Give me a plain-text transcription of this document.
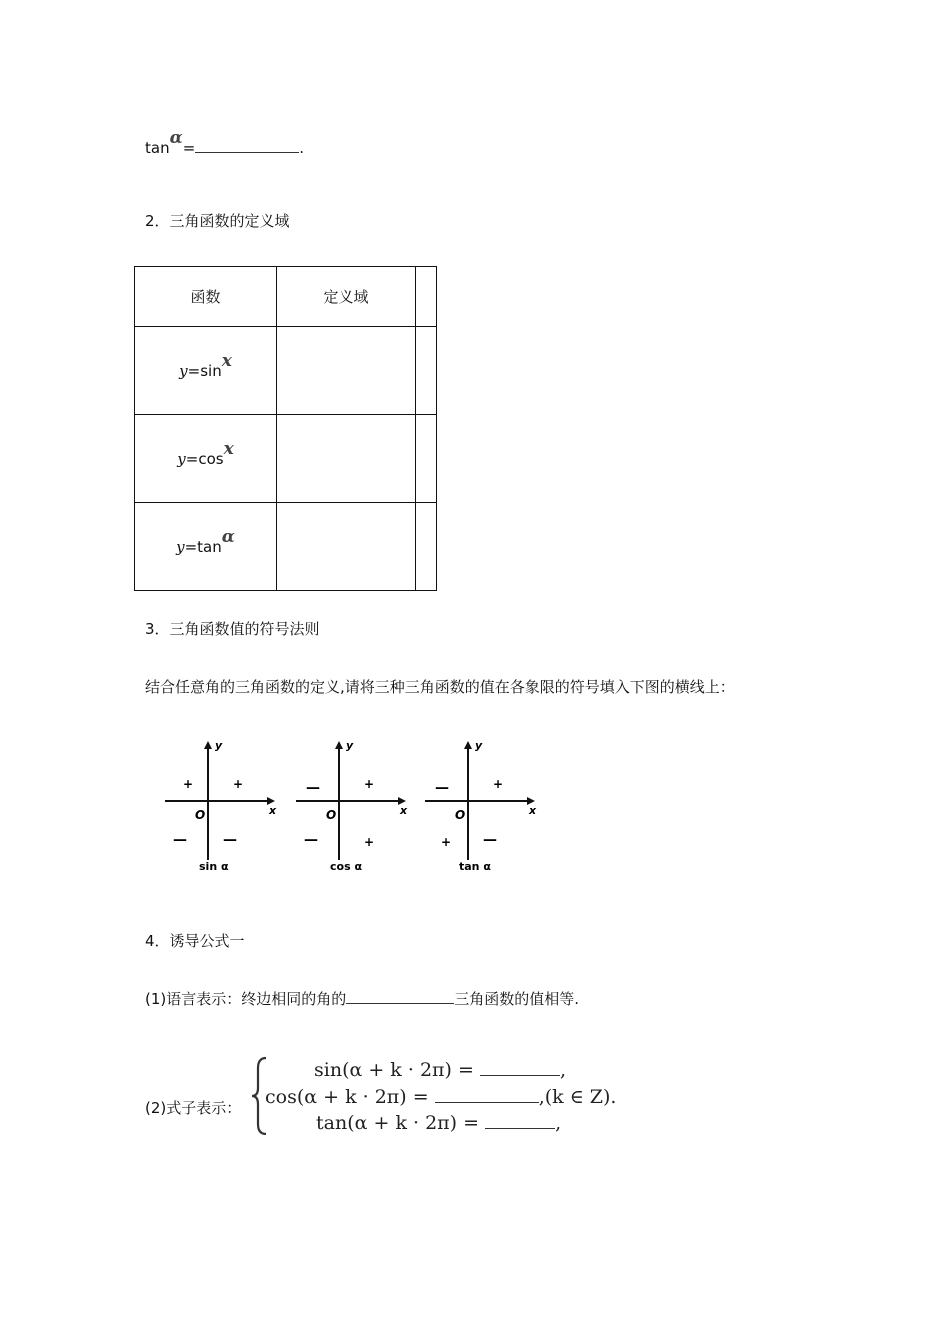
tanα=	.
2．三角函数的定义域
函数	定义域	
y=sinx		
y=cosx		
y=tanα		
3．三角函数值的符号法则
结合任意角的三角函数的定义,请将三种三角函数的值在各象限的符号填入下图的横线上：
y
x
O
+
+
—	—
sin α
y
x
O
+
—
—	+
cos α
y
x
O
+
—
+ —
tan α
4．诱导公式一
(1)语言表示：终边相同的角的	三角函数的值相等.
(2)式子表示：
sin(α + k · 2π) =	,
cos(α + k · 2π) =	,(k ∈ Z).
tan(α + k · 2π) =	,
